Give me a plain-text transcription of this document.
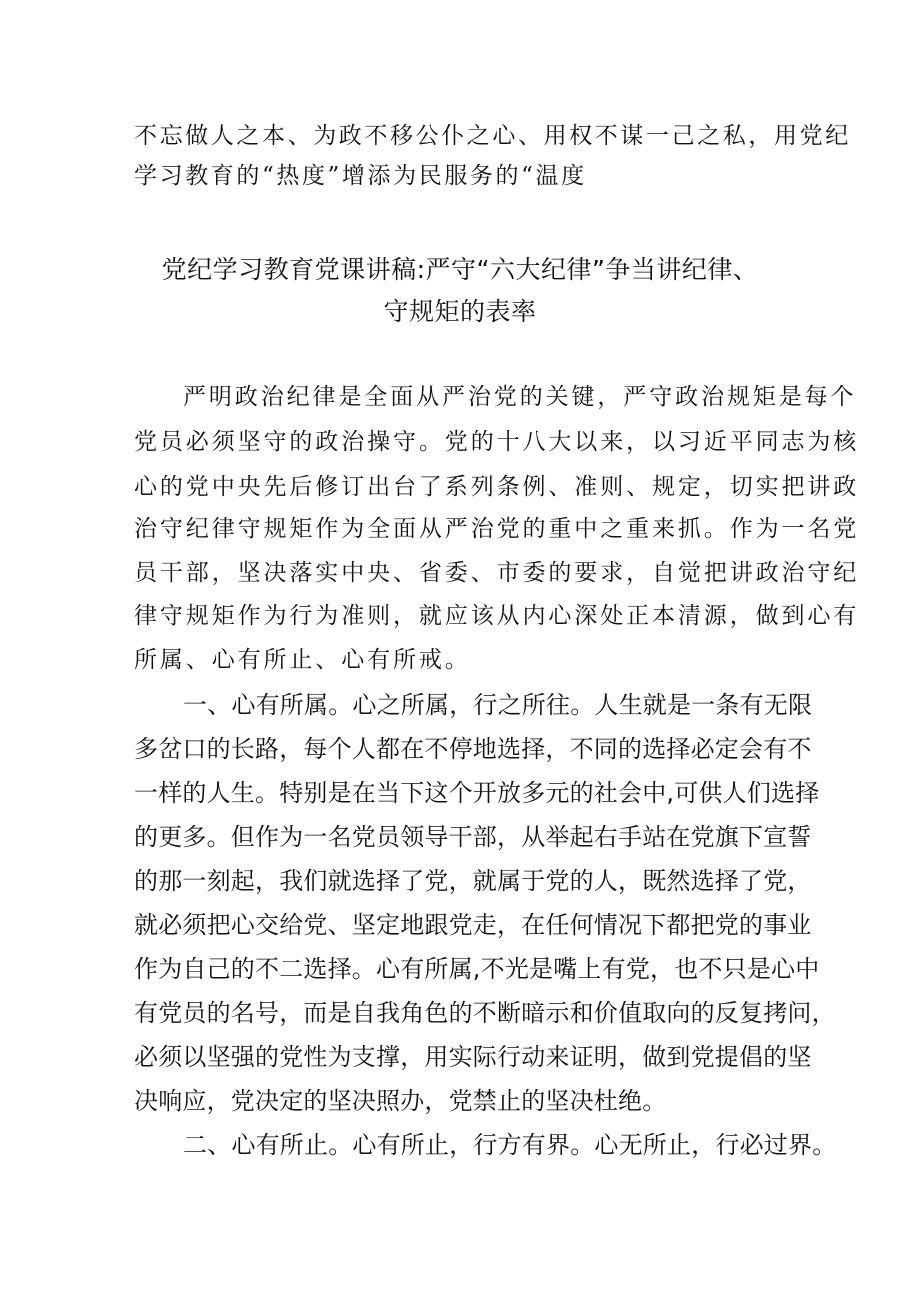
不忘做人之本、为政不移公仆之心、用权不谋一己之私，用党纪
学习教育的“热度”增添为民服务的“温度
党纪学习教育党课讲稿:严守“六大纪律”争当讲纪律、
守规矩的表率
严明政治纪律是全面从严治党的关键，严守政治规矩是每个
党员必须坚守的政治操守。党的十八大以来，以习近平同志为核
心的党中央先后修订出台了系列条例、准则、规定，切实把讲政
治守纪律守规矩作为全面从严治党的重中之重来抓。作为一名党
员干部，坚决落实中央、省委、市委的要求，自觉把讲政治守纪
律守规矩作为行为准则，就应该从内心深处正本清源，做到心有
所属、心有所止、心有所戒。
一、心有所属。心之所属，行之所往。人生就是一条有无限
多岔口的长路，每个人都在不停地选择，不同的选择必定会有不
一样的人生。特别是在当下这个开放多元的社会中,可供人们选择
的更多。但作为一名党员领导干部，从举起右手站在党旗下宣誓
的那一刻起，我们就选择了党，就属于党的人，既然选择了党，
就必须把心交给党、坚定地跟党走，在任何情况下都把党的事业
作为自己的不二选择。心有所属,不光是嘴上有党，也不只是心中
有党员的名号，而是自我角色的不断暗示和价值取向的反复拷问，
必须以坚强的党性为支撑，用实际行动来证明，做到党提倡的坚
决响应，党决定的坚决照办，党禁止的坚决杜绝。
二、心有所止。心有所止，行方有界。心无所止，行必过界。
